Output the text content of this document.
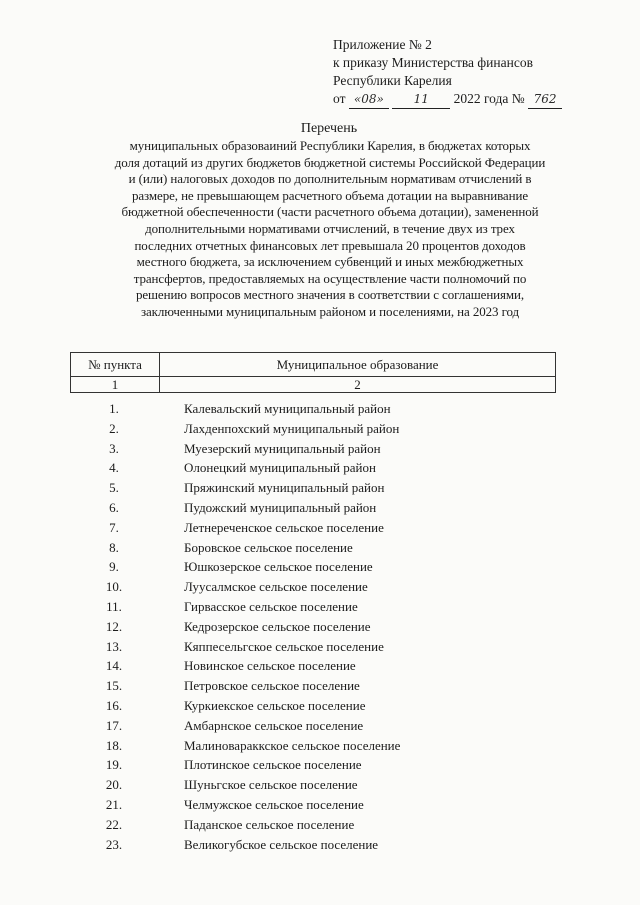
Приложение № 2
к приказу Министерства финансов
Республики Карелия
от «08» 11 2022 года № 762
Перечень
муниципальных образоваиний Республики Карелия, в бюджетах которых
доля дотаций из других бюджетов бюджетной системы Российской Федерации
и (или) налоговых доходов по дополнительным нормативам отчислений в
размере, не превышающем расчетного объема дотации на выравнивание
бюджетной обеспеченности (части расчетного объема дотации), замененной
дополнительными нормативами отчислений, в течение двух из трех
последних отчетных финансовых лет превышала 20 процентов доходов
местного бюджета, за исключением субвенций и иных межбюджетных
трансфертов, предоставляемых на осуществление части полномочий по
решению вопросов местного значения в соответствии с соглашениями,
заключенными муниципальным районом и поселениями, на 2023 год
№ пункта	Муниципальное образование
1	2
1.	Калевальский муниципальный район
2.	Лахденпохский муниципальный район
3.	Муезерский муниципальный район
4.	Олонецкий муниципальный район
5.	Пряжинский муниципальный район
6.	Пудожский муниципальный район
7.	Летнереченское сельское поселение
8.	Боровское сельское поселение
9.	Юшкозерское сельское поселение
10.	Луусалмское сельское поселение
11.	Гирвасское сельское поселение
12.	Кедрозерское сельское поселение
13.	Кяппесельгское сельское поселение
14.	Новинское сельское поселение
15.	Петровское сельское поселение
16.	Куркиекское сельское поселение
17.	Амбарнское сельское поселение
18.	Малиновараккское сельское поселение
19.	Плотинское сельское поселение
20.	Шуньгское сельское поселение
21.	Челмужское сельское поселение
22.	Паданское сельское поселение
23.	Великогубское сельское поселение
